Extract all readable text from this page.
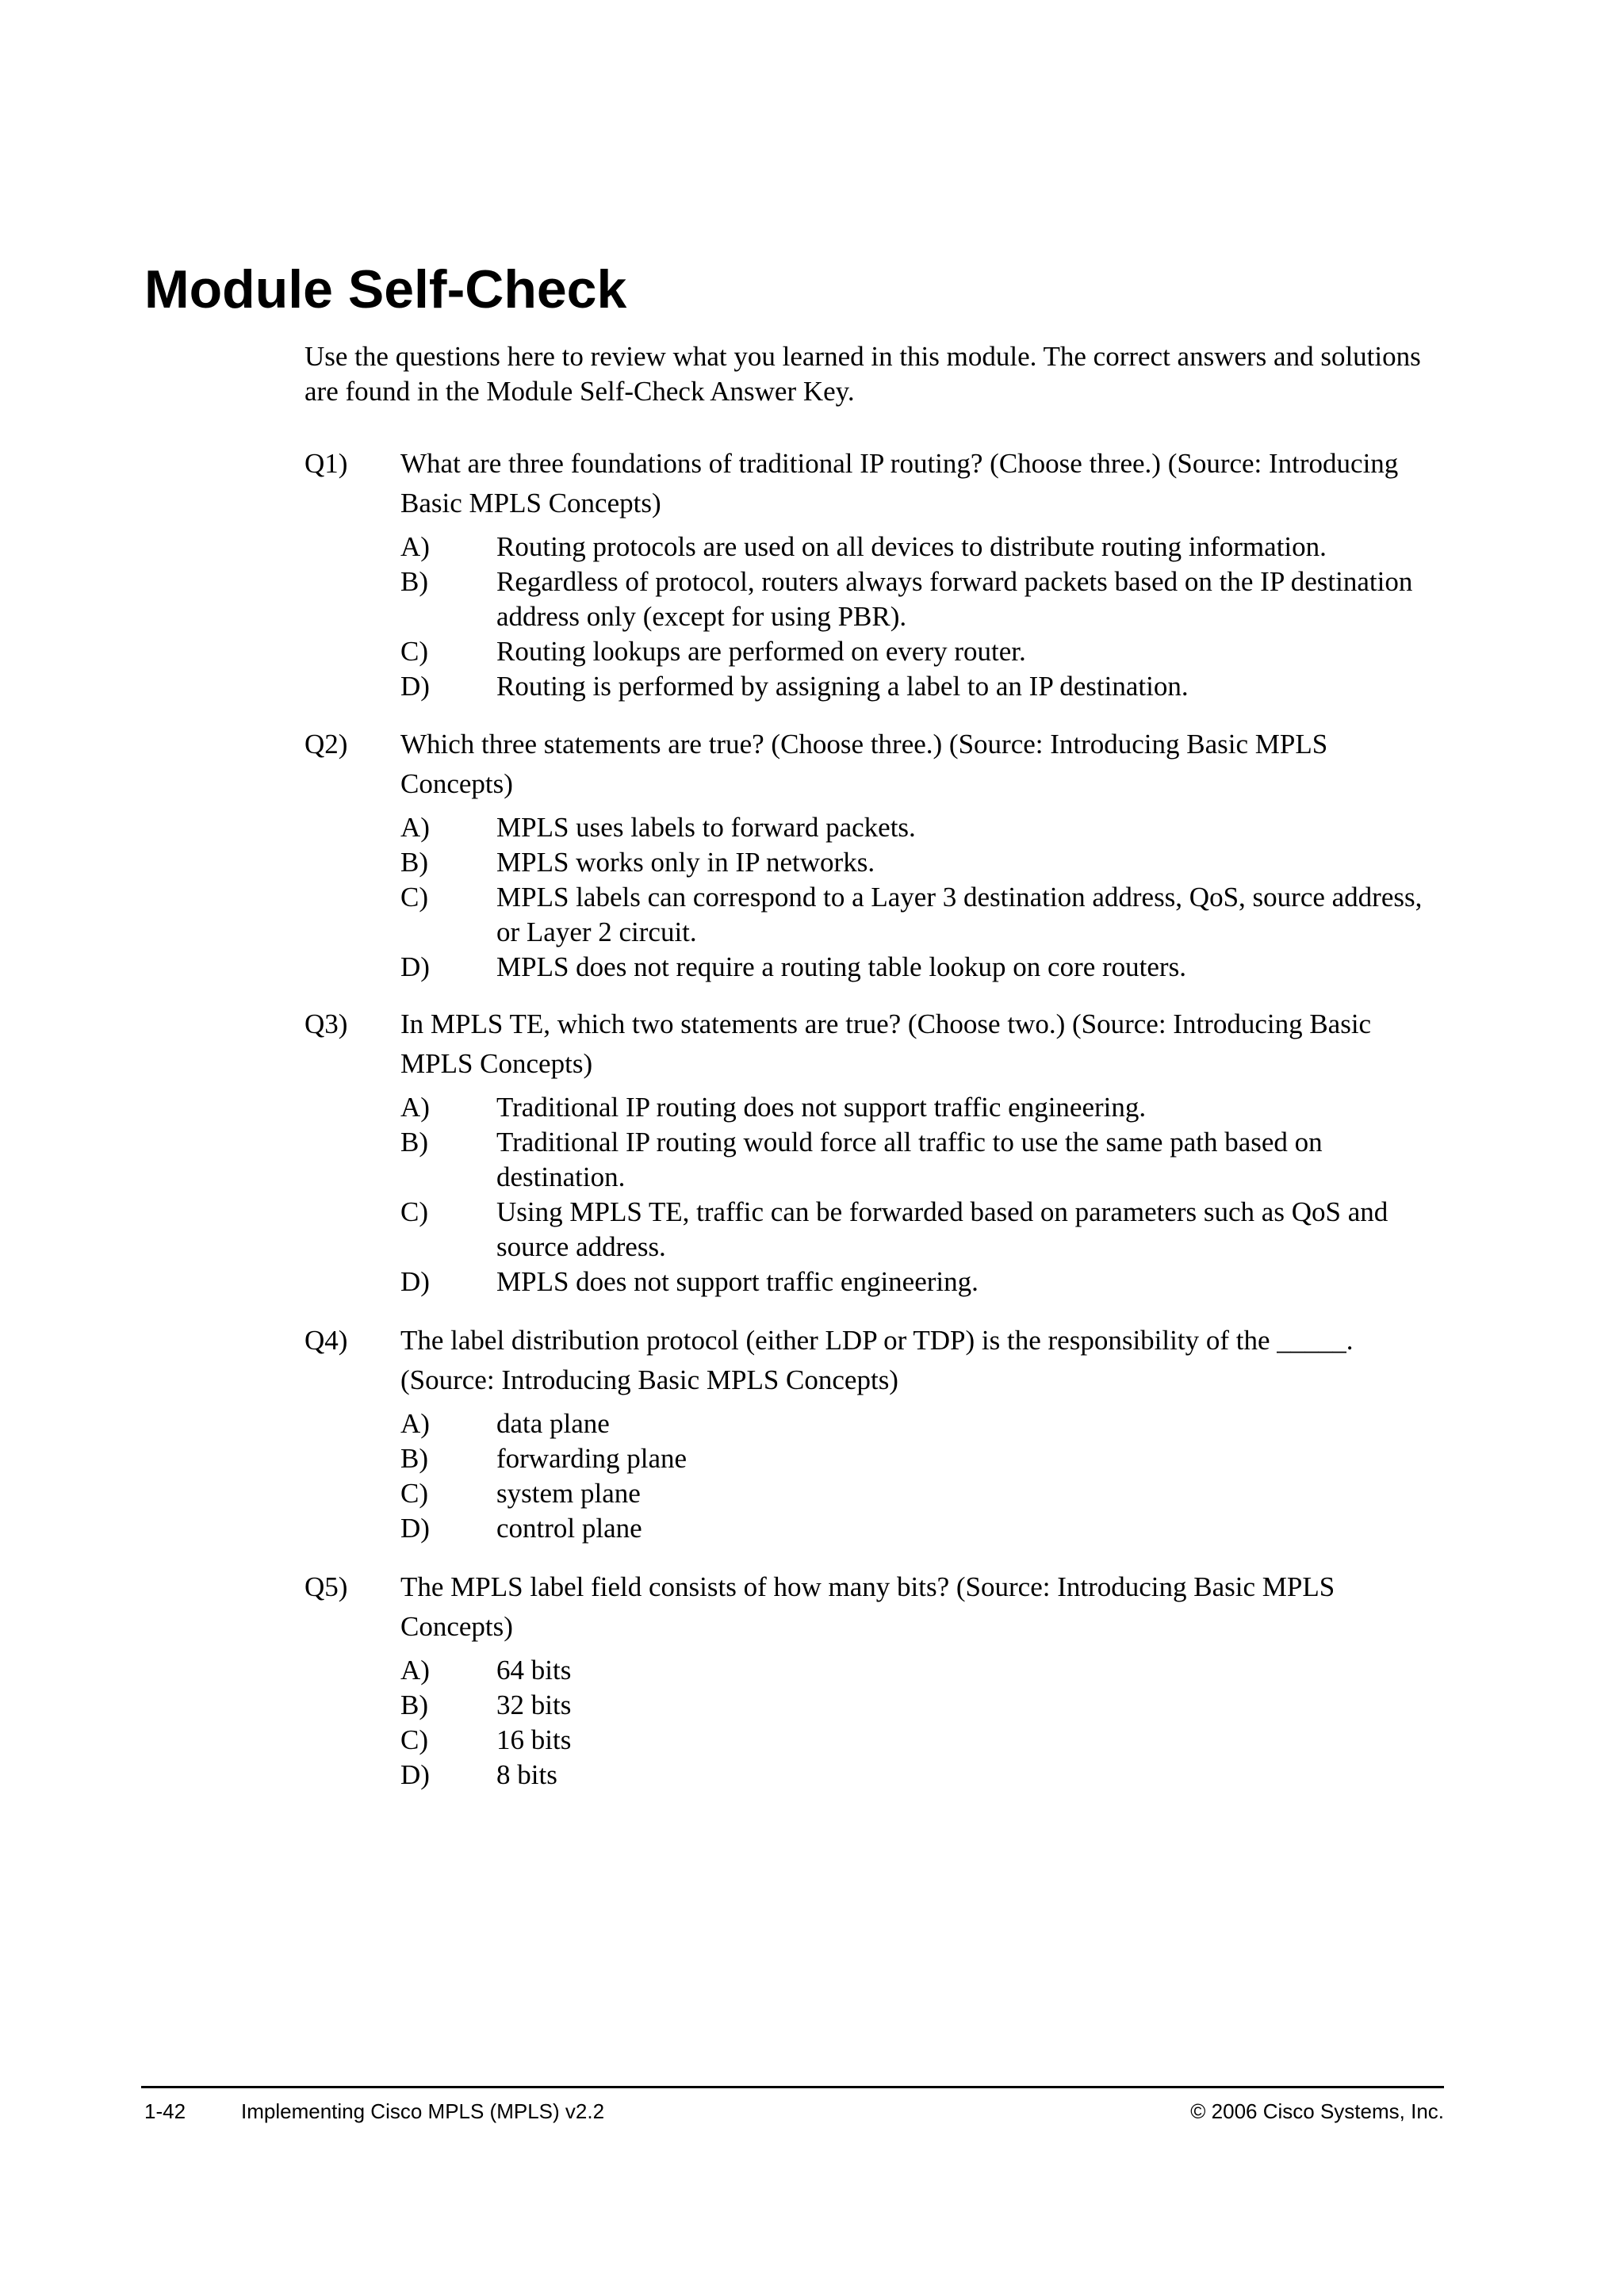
Module Self-Check

Use the questions here to review what you learned in this module. The correct answers and solutions are found in the Module Self-Check Answer Key.

Q1) What are three foundations of traditional IP routing? (Choose three.) (Source: Introducing Basic MPLS Concepts)
A) Routing protocols are used on all devices to distribute routing information.
B) Regardless of protocol, routers always forward packets based on the IP destination address only (except for using PBR).
C) Routing lookups are performed on every router.
D) Routing is performed by assigning a label to an IP destination.
Q2) Which three statements are true? (Choose three.) (Source: Introducing Basic MPLS Concepts)
A) MPLS uses labels to forward packets.
B) MPLS works only in IP networks.
C) MPLS labels can correspond to a Layer 3 destination address, QoS, source address, or Layer 2 circuit.
D) MPLS does not require a routing table lookup on core routers.
Q3) In MPLS TE, which two statements are true? (Choose two.) (Source: Introducing Basic MPLS Concepts)
A) Traditional IP routing does not support traffic engineering.
B) Traditional IP routing would force all traffic to use the same path based on destination.
C) Using MPLS TE, traffic can be forwarded based on parameters such as QoS and source address.
D) MPLS does not support traffic engineering.
Q4) The label distribution protocol (either LDP or TDP) is the responsibility of the _____. (Source: Introducing Basic MPLS Concepts)
A) data plane
B) forwarding plane
C) system plane
D) control plane
Q5) The MPLS label field consists of how many bits? (Source: Introducing Basic MPLS Concepts)
A) 64 bits
B) 32 bits
C) 16 bits
D) 8 bits
1-42	Implementing Cisco MPLS (MPLS) v2.2	© 2006 Cisco Systems, Inc.
